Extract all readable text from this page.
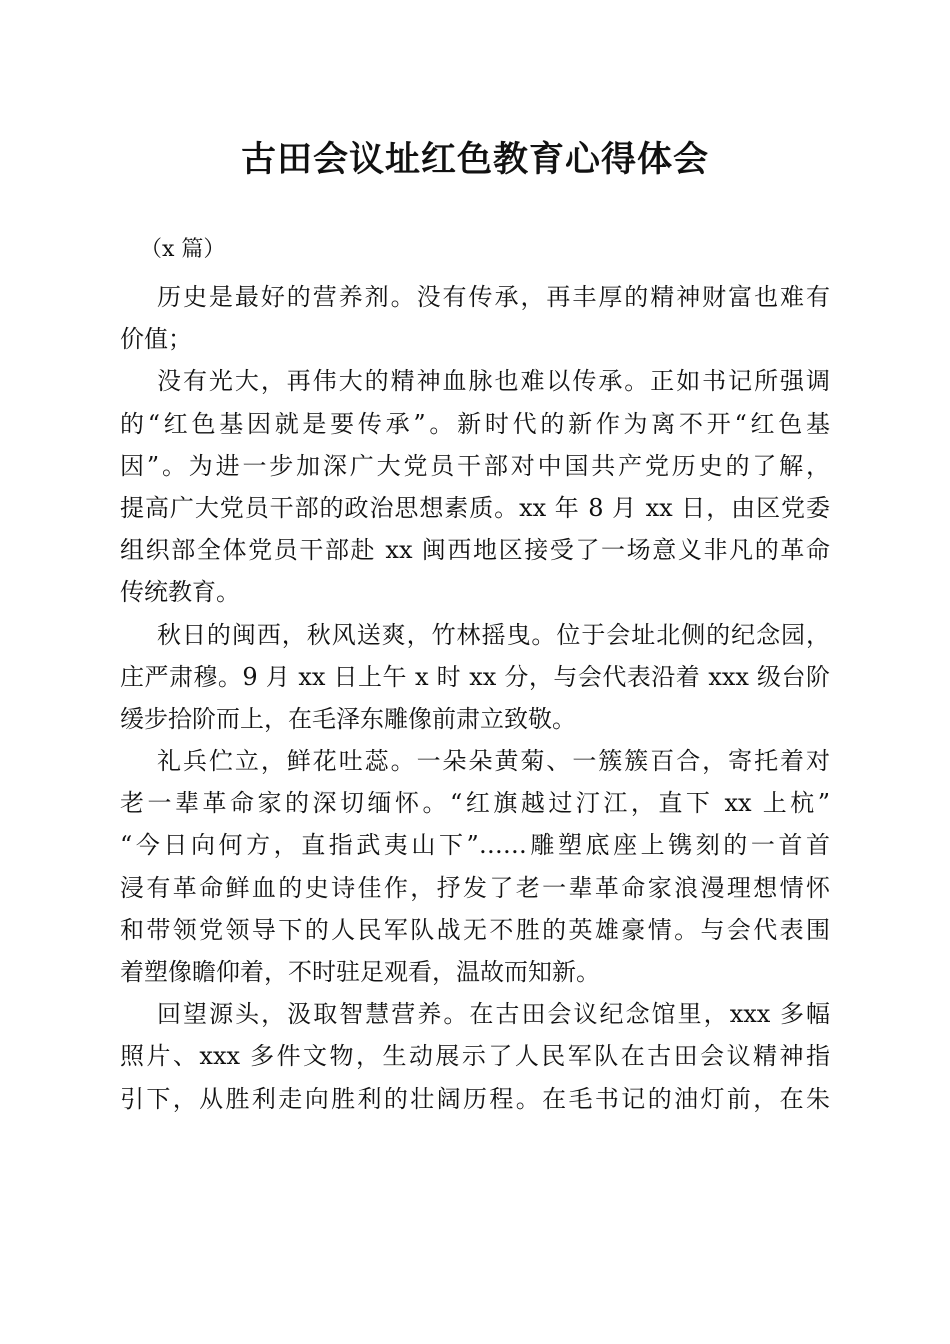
古田会议址红色教育心得体会
（x 篇）
历史是最好的营养剂。没有传承，再丰厚的精神财富也难有
价值；
没有光大，再伟大的精神血脉也难以传承。正如书记所强调
的“红色基因就是要传承”。新时代的新作为离不开“红色基
因”。为进一步加深广大党员干部对中国共产党历史的了解，
提高广大党员干部的政治思想素质。xx 年 8 月 xx 日，由区党委
组织部全体党员干部赴 xx 闽西地区接受了一场意义非凡的革命
传统教育。
秋日的闽西，秋风送爽，竹林摇曳。位于会址北侧的纪念园，
庄严肃穆。9 月 xx 日上午 x 时 xx 分，与会代表沿着 xxx 级台阶
缓步拾阶而上，在毛泽东雕像前肃立致敬。
礼兵伫立，鲜花吐蕊。一朵朵黄菊、一簇簇百合，寄托着对
老一辈革命家的深切缅怀。“红旗越过汀江，直下 xx 上杭”
“今日向何方，直指武夷山下”……雕塑底座上镌刻的一首首
浸有革命鲜血的史诗佳作，抒发了老一辈革命家浪漫理想情怀
和带领党领导下的人民军队战无不胜的英雄豪情。与会代表围
着塑像瞻仰着，不时驻足观看，温故而知新。
回望源头，汲取智慧营养。在古田会议纪念馆里，xxx 多幅
照片、xxx 多件文物，生动展示了人民军队在古田会议精神指
引下，从胜利走向胜利的壮阔历程。在毛书记的油灯前，在朱
